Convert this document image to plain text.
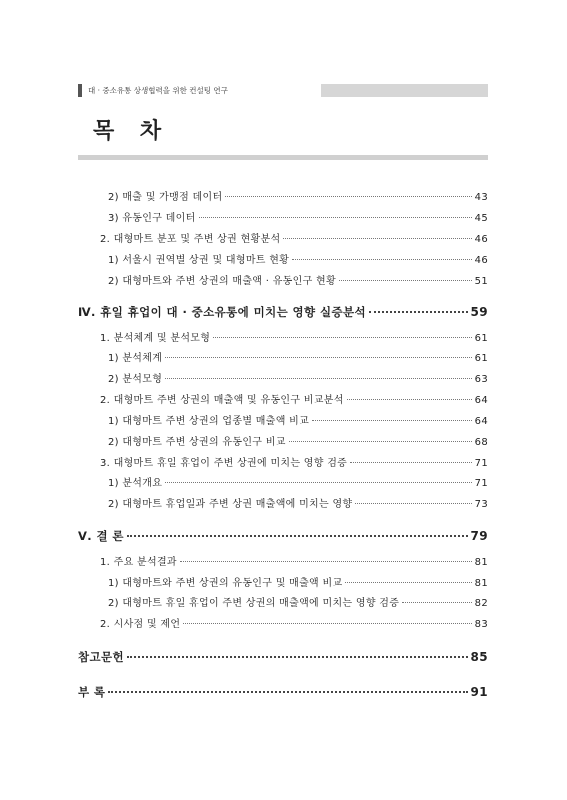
대 · 중소유통 상생협력을 위한 컨설팅 연구
목 차
2) 매출 및 가맹점 데이터	43
3) 유동인구 데이터	45
2. 대형마트 분포 및 주변 상권 현황분석	46
1) 서울시 권역별 상권 및 대형마트 현황	46
2) 대형마트와 주변 상권의 매출액 · 유동인구 현황	51
Ⅳ. 휴일 휴업이 대 · 중소유통에 미치는 영향 실증분석	59
1. 분석체계 및 분석모형	61
1) 분석체계	61
2) 분석모형	63
2. 대형마트 주변 상권의 매출액 및 유동인구 비교분석	64
1) 대형마트 주변 상권의 업종별 매출액 비교	64
2) 대형마트 주변 상권의 유동인구 비교	68
3. 대형마트 휴일 휴업이 주변 상권에 미치는 영향 검증	71
1) 분석개요	71
2) 대형마트 휴업일과 주변 상권 매출액에 미치는 영향	73
Ⅴ. 결 론	79
1. 주요 분석결과	81
1) 대형마트와 주변 상권의 유동인구 및 매출액 비교	81
2) 대형마트 휴일 휴업이 주변 상권의 매출액에 미치는 영향 검증	82
2. 시사점 및 제언	83
참고문헌	85
부 록	91
